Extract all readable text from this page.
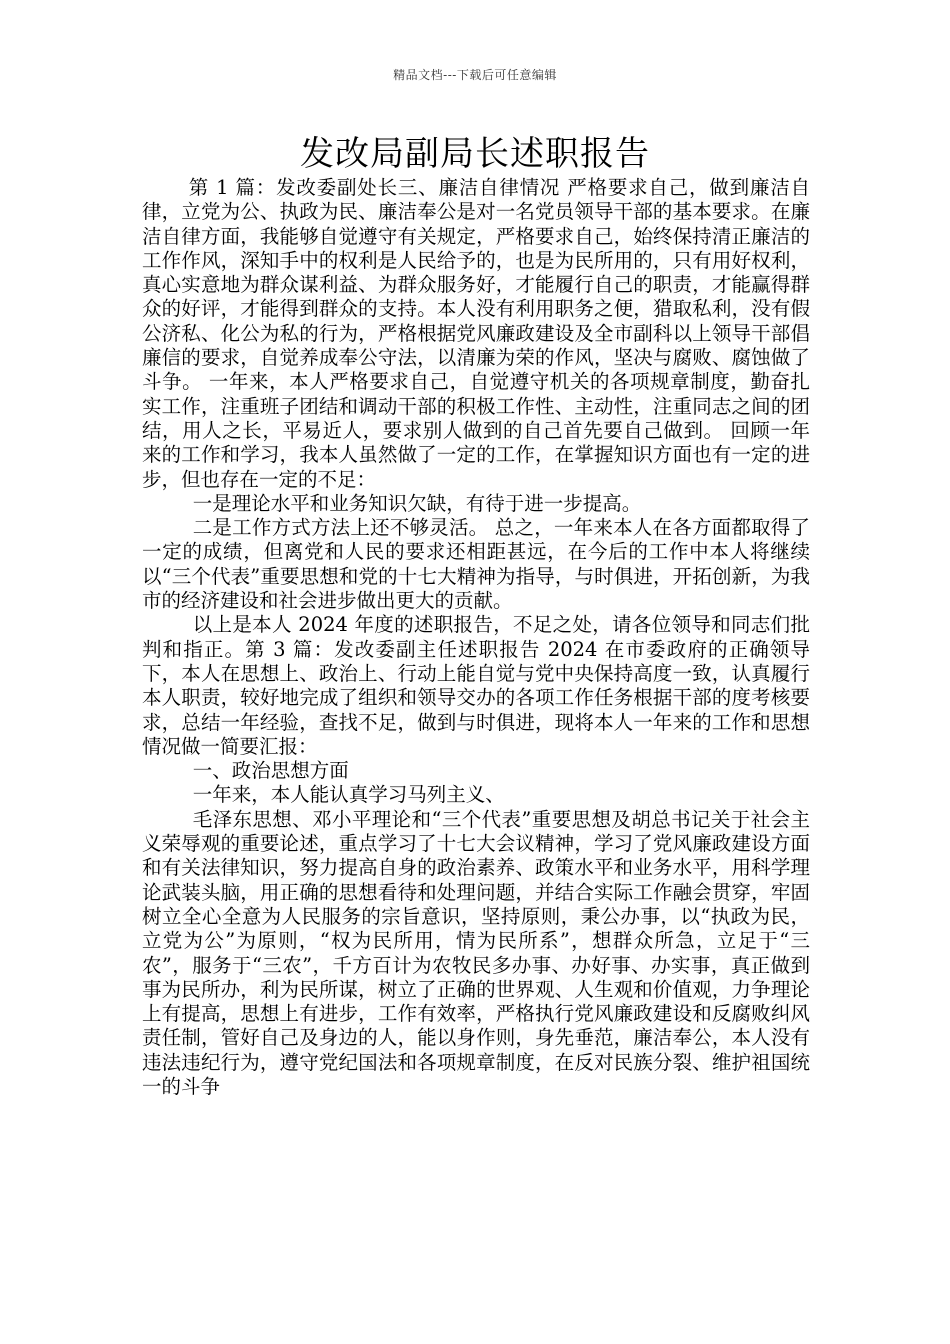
精品文档---下载后可任意编辑
发改局副局长述职报告

第 1 篇：发改委副处长三、廉洁自律情况 严格要求自己，做到廉洁自律，立党为公、执政为民、廉洁奉公是对一名党员领导干部的基本要求。在廉洁自律方面，我能够自觉遵守有关规定，严格要求自己，始终保持清正廉洁的工作作风，深知手中的权利是人民给予的，也是为民所用的，只有用好权利，真心实意地为群众谋利益、为群众服务好，才能履行自己的职责，才能赢得群众的好评，才能得到群众的支持。本人没有利用职务之便，猎取私利，没有假公济私、化公为私的行为，严格根据党风廉政建设及全市副科以上领导干部倡廉信的要求，自觉养成奉公守法，以清廉为荣的作风，坚决与腐败、腐蚀做了斗争。 一年来，本人严格要求自己，自觉遵守机关的各项规章制度，勤奋扎实工作，注重班子团结和调动干部的积极工作性、主动性，注重同志之间的团结，用人之长，平易近人，要求别人做到的自己首先要自己做到。 回顾一年来的工作和学习，我本人虽然做了一定的工作，在掌握知识方面也有一定的进步，但也存在一定的不足：

一是理论水平和业务知识欠缺，有待于进一步提高。

二是工作方式方法上还不够灵活。 总之，一年来本人在各方面都取得了一定的成绩，但离党和人民的要求还相距甚远，在今后的工作中本人将继续以“三个代表”重要思想和党的十七大精神为指导，与时俱进，开拓创新，为我市的经济建设和社会进步做出更大的贡献。

以上是本人 2024 年度的述职报告，不足之处，请各位领导和同志们批判和指正。第 3 篇：发改委副主任述职报告 2024 在市委政府的正确领导下，本人在思想上、政治上、行动上能自觉与党中央保持高度一致，认真履行本人职责，较好地完成了组织和领导交办的各项工作任务根据干部的度考核要求，总结一年经验，查找不足，做到与时俱进，现将本人一年来的工作和思想情况做一简要汇报：

一、政治思想方面

一年来，本人能认真学习马列主义、

毛泽东思想、邓小平理论和“三个代表”重要思想及胡总书记关于社会主义荣辱观的重要论述，重点学习了十七大会议精神，学习了党风廉政建设方面和有关法律知识，努力提高自身的政治素养、政策水平和业务水平，用科学理论武装头脑，用正确的思想看待和处理问题，并结合实际工作融会贯穿，牢固树立全心全意为人民服务的宗旨意识，坚持原则，秉公办事，以“执政为民，立党为公”为原则，“权为民所用，情为民所系”，想群众所急，立足于“三农”，服务于“三农”，千方百计为农牧民多办事、办好事、办实事，真正做到事为民所办，利为民所谋，树立了正确的世界观、人生观和价值观，力争理论上有提高，思想上有进步，工作有效率，严格执行党风廉政建设和反腐败纠风责任制，管好自己及身边的人，能以身作则，身先垂范，廉洁奉公，本人没有违法违纪行为，遵守党纪国法和各项规章制度，在反对民族分裂、维护祖国统一的斗争
